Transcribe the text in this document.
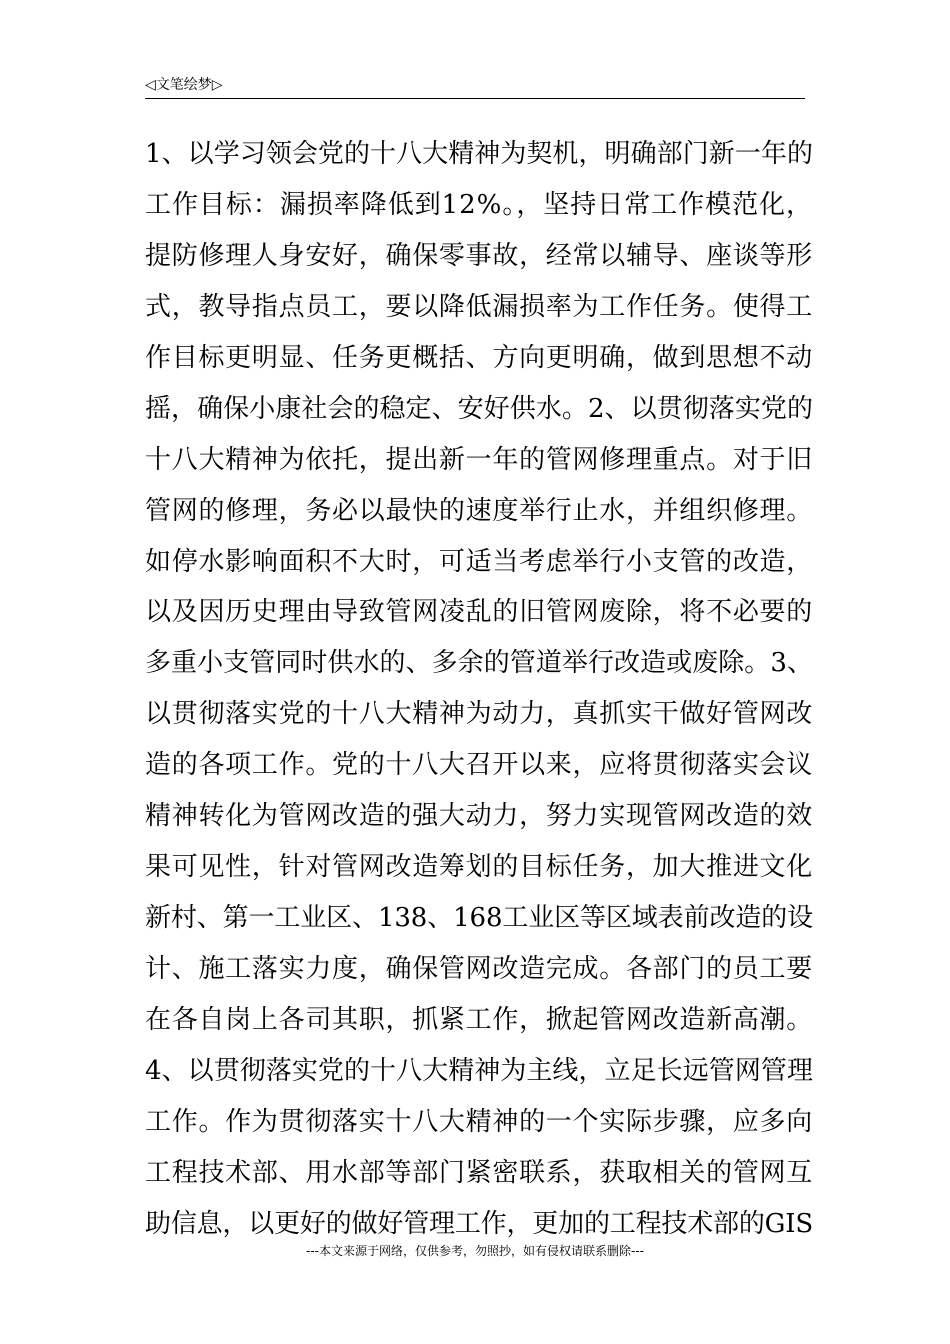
◁文笔绘梦▷
1、以学习领会党的十八大精神为契机，明确部门新一年的
工作目标：漏损率降低到12%。，坚持日常工作模范化，
提防修理人身安好，确保零事故，经常以辅导、座谈等形
式，教导指点员工，要以降低漏损率为工作任务。使得工
作目标更明显、任务更概括、方向更明确，做到思想不动
摇，确保小康社会的稳定、安好供水。2、以贯彻落实党的
十八大精神为依托，提出新一年的管网修理重点。对于旧
管网的修理，务必以最快的速度举行止水，并组织修理。
如停水影响面积不大时，可适当考虑举行小支管的改造，
以及因历史理由导致管网凌乱的旧管网废除，将不必要的
多重小支管同时供水的、多余的管道举行改造或废除。3、
以贯彻落实党的十八大精神为动力，真抓实干做好管网改
造的各项工作。党的十八大召开以来，应将贯彻落实会议
精神转化为管网改造的强大动力，努力实现管网改造的效
果可见性，针对管网改造筹划的目标任务，加大推进文化
新村、第一工业区、138、168工业区等区域表前改造的设
计、施工落实力度，确保管网改造完成。各部门的员工要
在各自岗上各司其职，抓紧工作，掀起管网改造新高潮。
4、以贯彻落实党的十八大精神为主线，立足长远管网管理
工作。作为贯彻落实十八大精神的一个实际步骤，应多向
工程技术部、用水部等部门紧密联系，获取相关的管网互
助信息，以更好的做好管理工作，更加的工程技术部的GIS
---本文来源于网络，仅供参考，勿照抄，如有侵权请联系删除---
